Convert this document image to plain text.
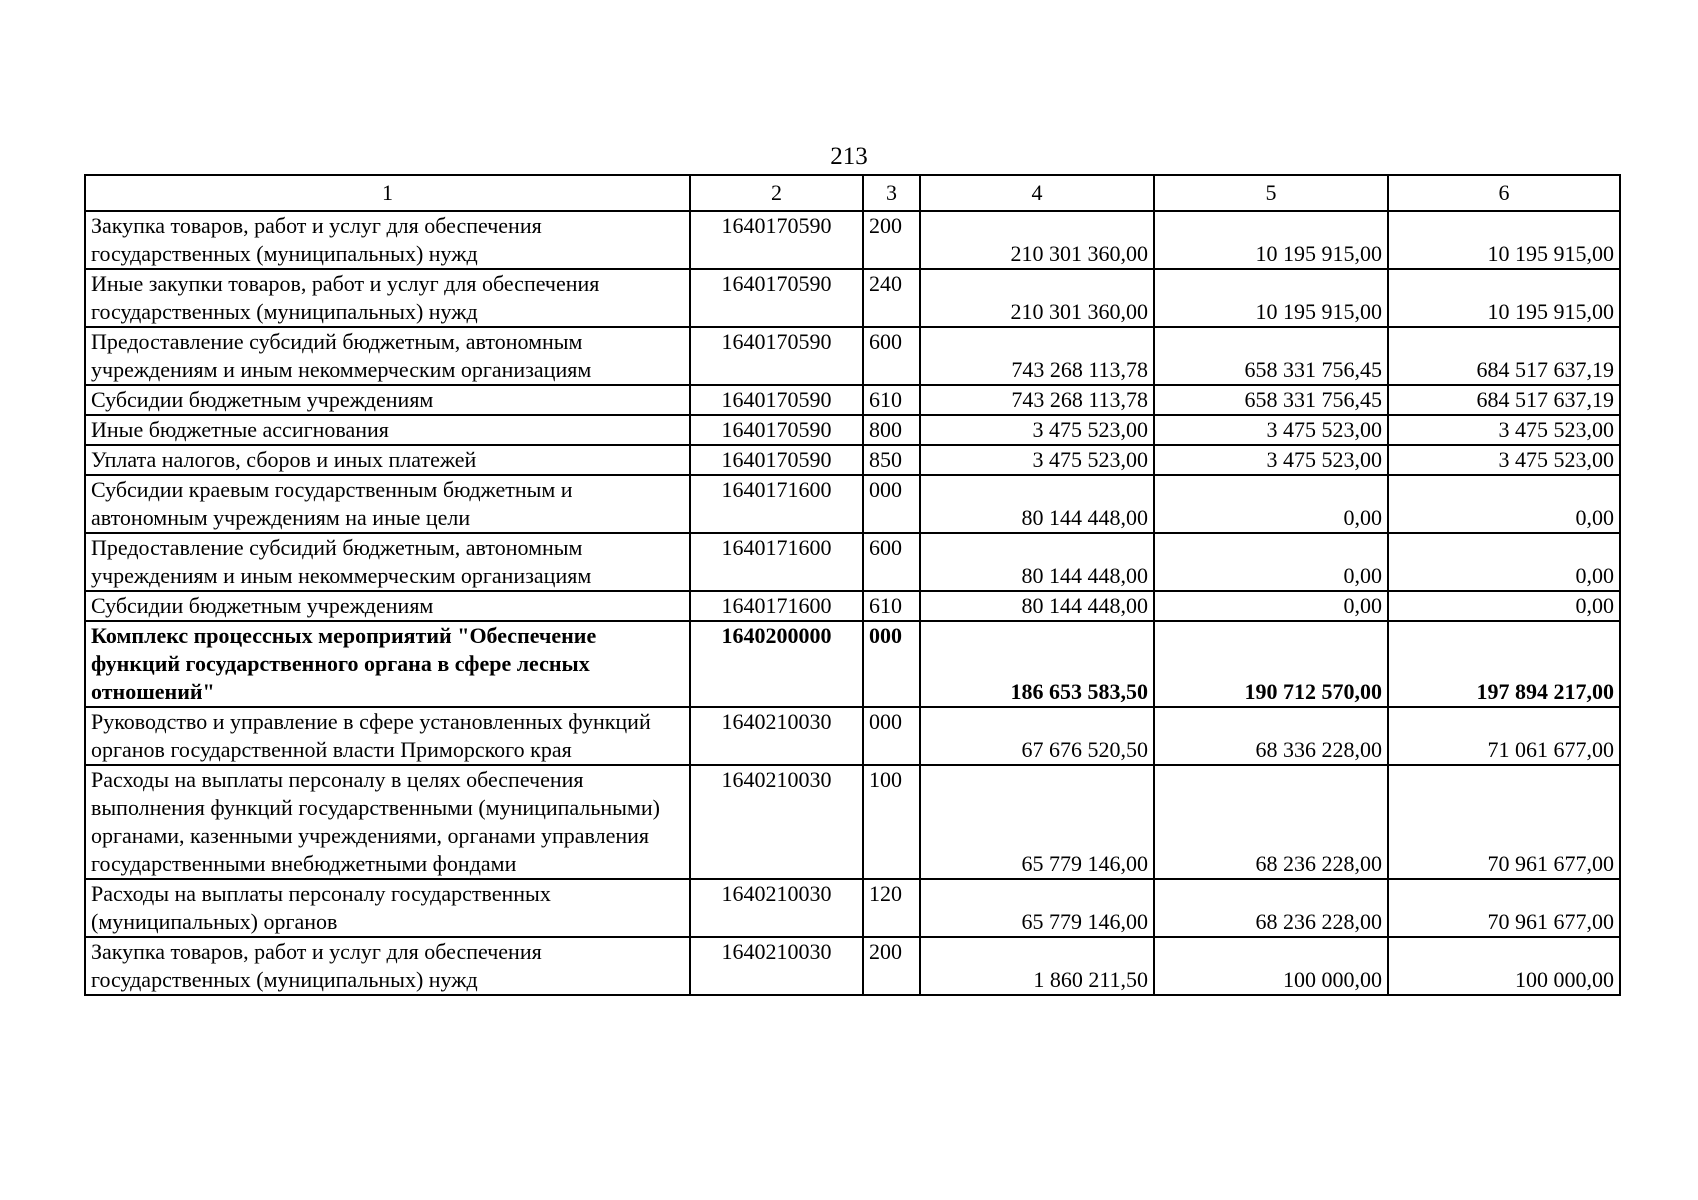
213
1	2	3	4	5	6
Закупка товаров, работ и услуг для обеспечения государственных (муниципальных) нужд	1640170590	200	210 301 360,00	10 195 915,00	10 195 915,00
Иные закупки товаров, работ и услуг для обеспечения государственных (муниципальных) нужд	1640170590	240	210 301 360,00	10 195 915,00	10 195 915,00
Предоставление субсидий бюджетным, автономным учреждениям и иным некоммерческим организациям	1640170590	600	743 268 113,78	658 331 756,45	684 517 637,19
Субсидии бюджетным учреждениям	1640170590	610	743 268 113,78	658 331 756,45	684 517 637,19
Иные бюджетные ассигнования	1640170590	800	3 475 523,00	3 475 523,00	3 475 523,00
Уплата налогов, сборов и иных платежей	1640170590	850	3 475 523,00	3 475 523,00	3 475 523,00
Субсидии краевым государственным бюджетным и автономным учреждениям на иные цели	1640171600	000	80 144 448,00	0,00	0,00
Предоставление субсидий бюджетным, автономным учреждениям и иным некоммерческим организациям	1640171600	600	80 144 448,00	0,00	0,00
Субсидии бюджетным учреждениям	1640171600	610	80 144 448,00	0,00	0,00
Комплекс процессных мероприятий "Обеспечение функций государственного органа в сфере лесных отношений"	1640200000	000	186 653 583,50	190 712 570,00	197 894 217,00
Руководство и управление в сфере установленных функций органов государственной власти Приморского края	1640210030	000	67 676 520,50	68 336 228,00	71 061 677,00
Расходы на выплаты персоналу в целях обеспечения выполнения функций государственными (муниципальными) органами, казенными учреждениями, органами управления государственными внебюджетными фондами	1640210030	100	65 779 146,00	68 236 228,00	70 961 677,00
Расходы на выплаты персоналу государственных (муниципальных) органов	1640210030	120	65 779 146,00	68 236 228,00	70 961 677,00
Закупка товаров, работ и услуг для обеспечения государственных (муниципальных) нужд	1640210030	200	1 860 211,50	100 000,00	100 000,00
